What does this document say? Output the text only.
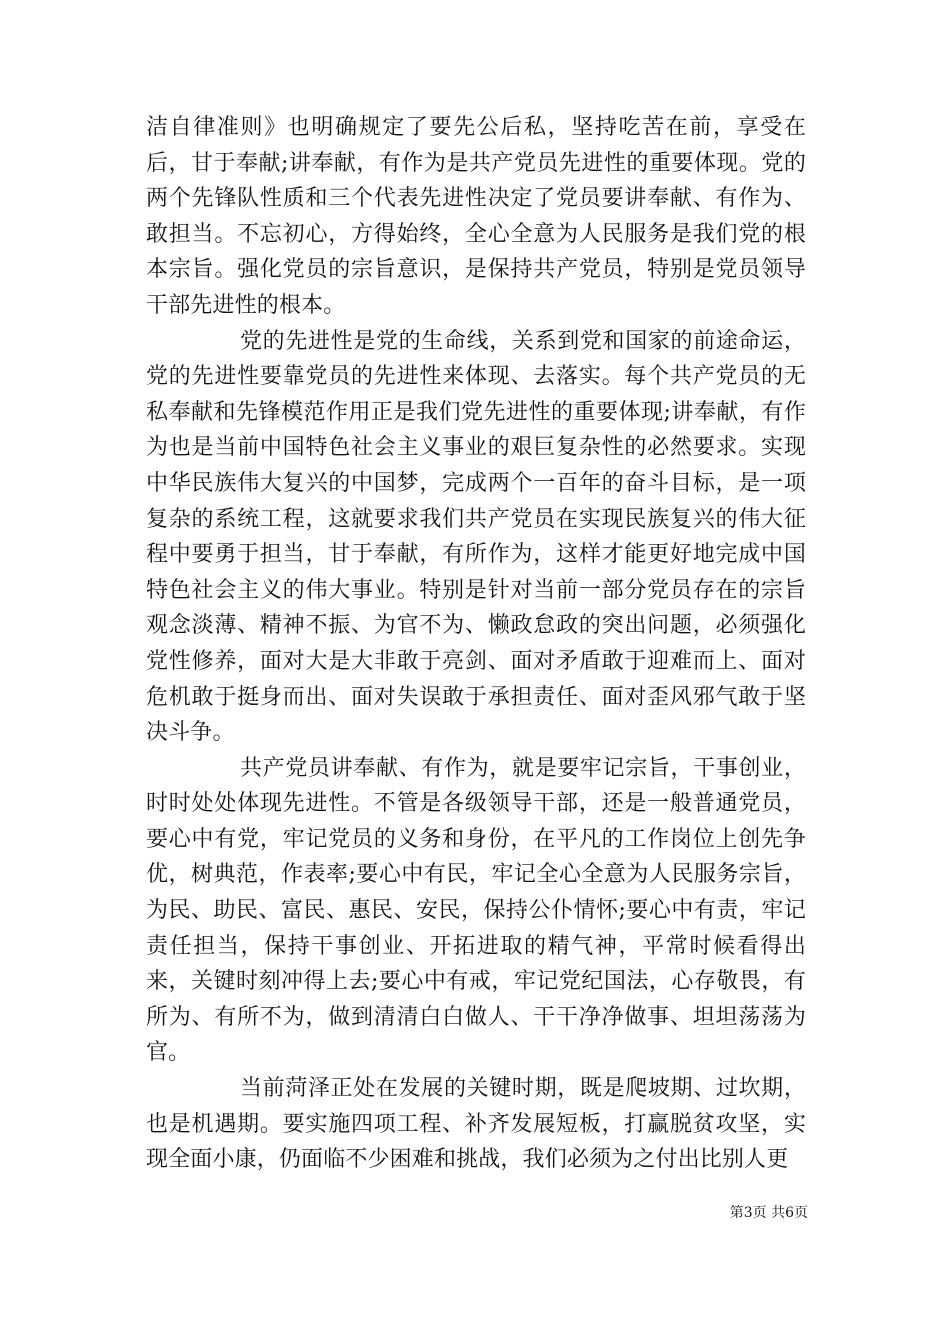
洁自律准则》也明确规定了要先公后私，坚持吃苦在前，享受在后，甘于奉献;讲奉献，有作为是共产党员先进性的重要体现。党的两个先锋队性质和三个代表先进性决定了党员要讲奉献、有作为、敢担当。不忘初心，方得始终，全心全意为人民服务是我们党的根本宗旨。强化党员的宗旨意识，是保持共产党员，特别是党员领导干部先进性的根本。

党的先进性是党的生命线，关系到党和国家的前途命运，党的先进性要靠党员的先进性来体现、去落实。每个共产党员的无私奉献和先锋模范作用正是我们党先进性的重要体现;讲奉献，有作为也是当前中国特色社会主义事业的艰巨复杂性的必然要求。实现中华民族伟大复兴的中国梦，完成两个一百年的奋斗目标，是一项复杂的系统工程，这就要求我们共产党员在实现民族复兴的伟大征程中要勇于担当，甘于奉献，有所作为，这样才能更好地完成中国特色社会主义的伟大事业。特别是针对当前一部分党员存在的宗旨观念淡薄、精神不振、为官不为、懒政怠政的突出问题，必须强化党性修养，面对大是大非敢于亮剑、面对矛盾敢于迎难而上、面对危机敢于挺身而出、面对失误敢于承担责任、面对歪风邪气敢于坚决斗争。

共产党员讲奉献、有作为，就是要牢记宗旨，干事创业，时时处处体现先进性。不管是各级领导干部，还是一般普通党员，要心中有党，牢记党员的义务和身份，在平凡的工作岗位上创先争优，树典范，作表率;要心中有民，牢记全心全意为人民服务宗旨，为民、助民、富民、惠民、安民，保持公仆情怀;要心中有责，牢记责任担当，保持干事创业、开拓进取的精气神，平常时候看得出来，关键时刻冲得上去;要心中有戒，牢记党纪国法，心存敬畏，有所为、有所不为，做到清清白白做人、干干净净做事、坦坦荡荡为官。

当前菏泽正处在发展的关键时期，既是爬坡期、过坎期，也是机遇期。要实施四项工程、补齐发展短板，打赢脱贫攻坚，实现全面小康，仍面临不少困难和挑战，我们必须为之付出比别人更

第3页 共6页
